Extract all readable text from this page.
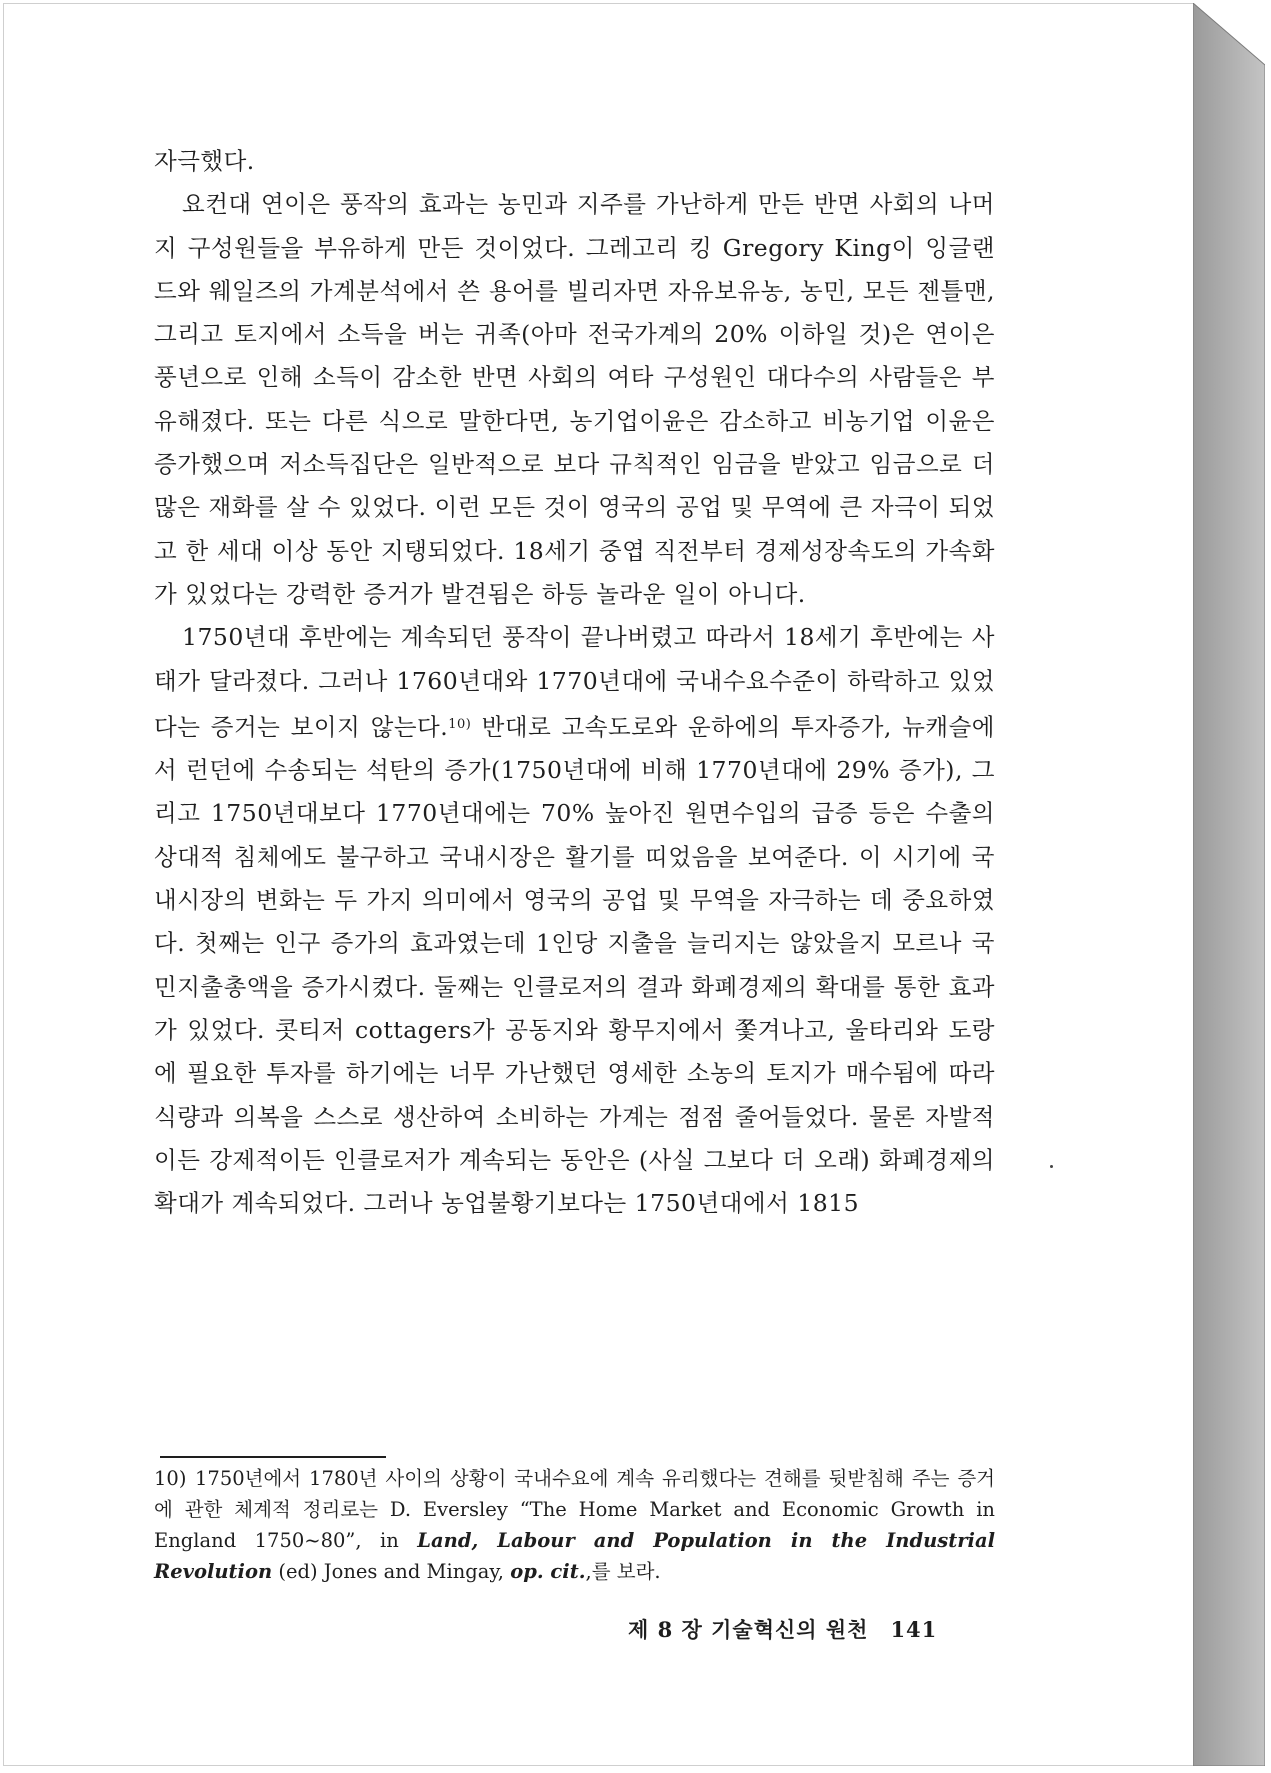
자극했다.

요컨대 연이은 풍작의 효과는 농민과 지주를 가난하게 만든 반면 사회의 나머지 구성원들을 부유하게 만든 것이었다. 그레고리 킹 Gregory King이 잉글랜드와 웨일즈의 가계분석에서 쓴 용어를 빌리자면 자유보유농, 농민, 모든 젠틀맨, 그리고 토지에서 소득을 버는 귀족(아마 전국가계의 20% 이하일 것)은 연이은 풍년으로 인해 소득이 감소한 반면 사회의 여타 구성원인 대다수의 사람들은 부유해졌다. 또는 다른 식으로 말한다면, 농기업이윤은 감소하고 비농기업 이윤은 증가했으며 저소득집단은 일반적으로 보다 규칙적인 임금을 받았고 임금으로 더 많은 재화를 살 수 있었다. 이런 모든 것이 영국의 공업 및 무역에 큰 자극이 되었고 한 세대 이상 동안 지탱되었다. 18세기 중엽 직전부터 경제성장속도의 가속화가 있었다는 강력한 증거가 발견됨은 하등 놀라운 일이 아니다.

1750년대 후반에는 계속되던 풍작이 끝나버렸고 따라서 18세기 후반에는 사태가 달라졌다. 그러나 1760년대와 1770년대에 국내수요수준이 하락하고 있었다는 증거는 보이지 않는다.$^{10)}$ 반대로 고속도로와 운하에의 투자증가, 뉴캐슬에서 런던에 수송되는 석탄의 증가(1750년대에 비해 1770년대에 29% 증가), 그리고 1750년대보다 1770년대에는 70% 높아진 원면수입의 급증 등은 수출의 상대적 침체에도 불구하고 국내시장은 활기를 띠었음을 보여준다. 이 시기에 국내시장의 변화는 두 가지 의미에서 영국의 공업 및 무역을 자극하는 데 중요하였다. 첫째는 인구 증가의 효과였는데 1인당 지출을 늘리지는 않았을지 모르나 국민지출총액을 증가시켰다. 둘째는 인클로저의 결과 화폐경제의 확대를 통한 효과가 있었다. 콧티저 cottagers가 공동지와 황무지에서 쫓겨나고, 울타리와 도랑에 필요한 투자를 하기에는 너무 가난했던 영세한 소농의 토지가 매수됨에 따라 식량과 의복을 스스로 생산하여 소비하는 가계는 점점 줄어들었다. 물론 자발적이든 강제적이든 인클로저가 계속되는 동안은 (사실 그보다 더 오래) 화폐경제의 확대가 계속되었다. 그러나 농업불황기보다는 1750년대에서 1815

10) 1750년에서 1780년 사이의 상황이 국내수요에 계속 유리했다는 견해를 뒷받침해 주는 증거에 관한 체계적 정리로는 D. Eversley “The Home Market and Economic Growth in England 1750~80”, in Land, Labour and Population in the Industrial Revolution (ed) Jones and Mingay, op. cit.,를 보라.

제 8 장 기술혁신의 원천 141
